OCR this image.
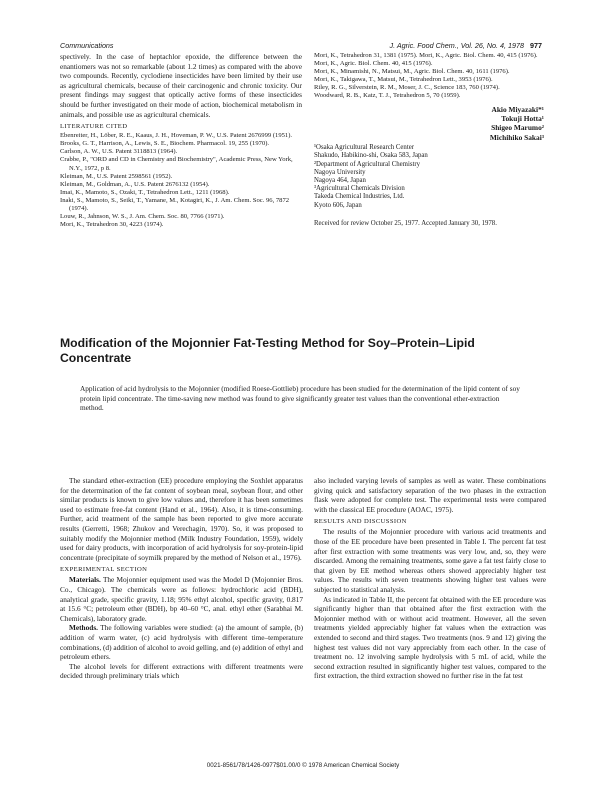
Communications	J. Agric. Food Chem., Vol. 26, No. 4, 1978 977

spectively. In the case of heptachlor epoxide, the difference between the enantiomers was not so remarkable (about 1.2 times) as compared with the above two compounds. Recently, cyclodiene insecticides have been limited by their use as agricultural chemicals, because of their carcinogenic and chronic toxicity. Our present findings may suggest that optically active forms of these insecticides should be further investigated on their mode of action, biochemical metabolism in animals, and possible use as agricultural chemicals.

LITERATURE CITED

Ebenreiter, H., Löber, R. E., Kaaus, J. H., Hoveman, P. W., U.S. Patent 2676999 (1951).

Brooks, G. T., Harrison, A., Lewis, S. E., Biochem. Pharmacol. 19, 255 (1970).

Carlson, A. W., U.S. Patent 3118813 (1964).

Crabbe, P., "ORD and CD in Chemistry and Biochemistry", Academic Press, New York, N.Y., 1972, p 8.

Kleiman, M., U.S. Patent 2598561 (1952).

Kleiman, M., Goldman, A., U.S. Patent 2676132 (1954).

Imai, K., Mamoto, S., Ozaki, T., Tetrahedron Lett., 1211 (1968).

Inaki, S., Mamoto, S., Seiki, T., Yamane, M., Kotagiri, K., J. Am. Chem. Soc. 96, 7872 (1974).

Louw, R., Jahnson, W. S., J. Am. Chem. Soc. 80, 7766 (1971).

Mori, K., Tetrahedron 30, 4223 (1974).

Mori, K., Tetrahedron 31, 1381 (1975). Mori, K., Agric. Biol. Chem. 40, 415 (1976).

Mori, K., Agric. Biol. Chem. 40, 415 (1976).

Mori, K., Minamishi, N., Matsui, M., Agric. Biol. Chem. 40, 1611 (1976).

Mori, K., Takigawa, T., Matsui, M., Tetrahedron Lett., 3953 (1976).

Riley, R. G., Silverstein, R. M., Moser, J. C., Science 183, 760 (1974).

Woodward, R. B., Katz, T. J., Tetrahedron 5, 70 (1959).

Akio Miyazaki*¹
Tokuji Hotta¹
Shigeo Marumo²
Michihiko Sakai³
¹Osaka Agricultural Research Center
Shakudo, Habikino-shi, Osaka 583, Japan
²Department of Agricultural Chemistry
Nagoya University
Nagoya 464, Japan
³Agricultural Chemicals Division
Takeda Chemical Industries, Ltd.
Kyoto 606, Japan
Received for review October 25, 1977. Accepted January 30, 1978.
Modification of the Mojonnier Fat-Testing Method for Soy–Protein–Lipid Concentrate
Application of acid hydrolysis to the Mojonnier (modified Roese-Gottlieb) procedure has been studied for the determination of the lipid content of soy protein lipid concentrate. The time-saving new method was found to give significantly greater test values than the conventional ether-extraction method.

The standard ether-extraction (EE) procedure employing the Soxhlet apparatus for the determination of the fat content of soybean meal, soybean flour, and other similar products is known to give low values and, therefore it has been sometimes used to estimate free-fat content (Hand et al., 1964). Also, it is time-consuming. Further, acid treatment of the sample has been reported to give more accurate results (Gerretti, 1968; Zhukov and Verechagin, 1970). So, it was proposed to suitably modify the Mojonnier method (Milk Industry Foundation, 1959), widely used for dairy products, with incorporation of acid hydrolysis for soy-protein-lipid concentrate (precipitate of soymilk prepared by the method of Nelson et al., 1976).

EXPERIMENTAL SECTION

Materials. The Mojonnier equipment used was the Model D (Mojonnier Bros. Co., Chicago). The chemicals were as follows: hydrochloric acid (BDH), analytical grade, specific gravity, 1.18; 95% ethyl alcohol, specific gravity, 0.817 at 15.6 °C; petroleum ether (BDH), bp 40–60 °C, anal. ethyl ether (Sarabhai M. Chemicals), laboratory grade.

Methods. The following variables were studied: (a) the amount of sample, (b) addition of warm water, (c) acid hydrolysis with different time–temperature combinations, (d) addition of alcohol to avoid gelling, and (e) addition of ethyl and petroleum ethers.

The alcohol levels for different extractions with different treatments were decided through preliminary trials which

also included varying levels of samples as well as water. These combinations giving quick and satisfactory separation of the two phases in the extraction flask were adopted for complete test. The experimental tests were compared with the classical EE procedure (AOAC, 1975).

RESULTS AND DISCUSSION

The results of the Mojonnier procedure with various acid treatments and those of the EE procedure have been presented in Table I. The percent fat test after first extraction with some treatments was very low, and, so, they were discarded. Among the remaining treatments, some gave a fat test fairly close to that given by EE method whereas others showed appreciably higher test values. The results with seven treatments showing higher test values were subjected to statistical analysis.

As indicated in Table II, the percent fat obtained with the EE procedure was significantly higher than that obtained after the first extraction with the Mojonnier method with or without acid treatment. However, all the seven treatments yielded appreciably higher fat values when the extraction was extended to second and third stages. Two treatments (nos. 9 and 12) giving the highest test values did not vary appreciably from each other. In the case of treatment no. 12 involving sample hydrolysis with 5 mL of acid, while the second extraction resulted in significantly higher test values, compared to the first extraction, the third extraction showed no further rise in the fat test

0021-8561/78/1426-0977$01.00/0 © 1978 American Chemical Society
